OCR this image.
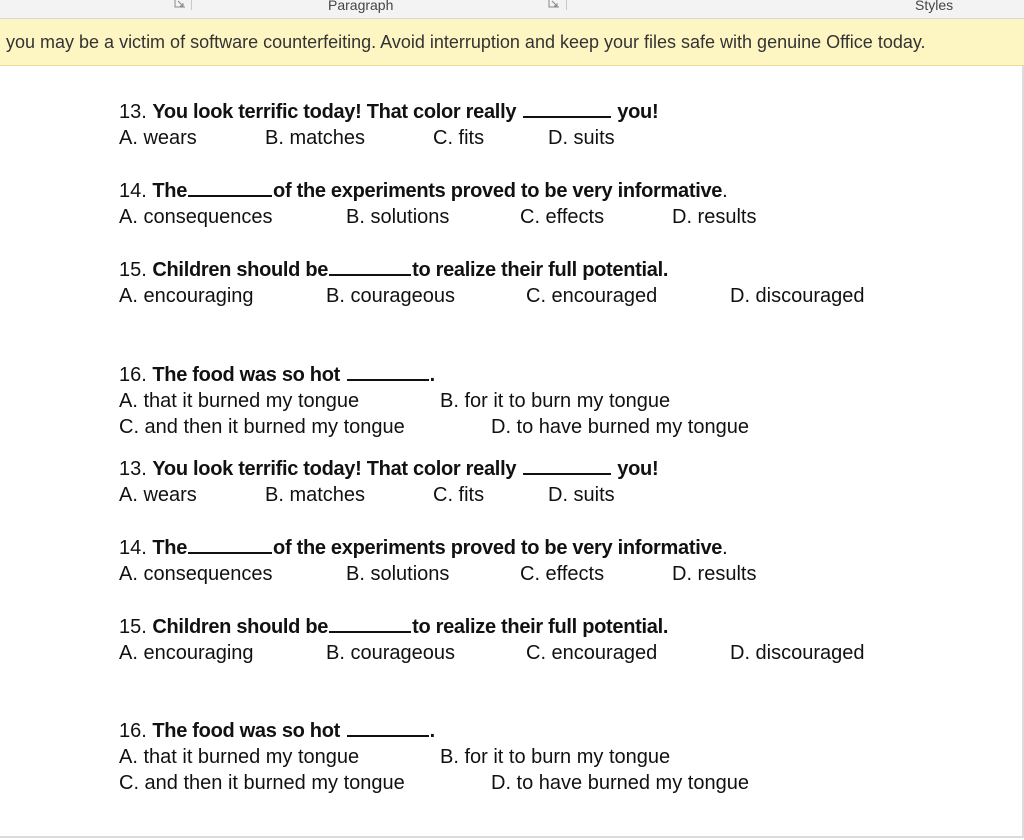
Paragraph	Styles
you may be a victim of software counterfeiting. Avoid interruption and keep your files safe with genuine Office today.
13. You look terrific today! That color really	you!
A. wears	B. matches	C. fits	D. suits
14. The	of the experiments proved to be very informative.
A. consequences	B. solutions	C. effects	D. results
15. Children should be	to realize their full potential.
A. encouraging	B. courageous	C. encouraged	D. discouraged
16. The food was so hot	.
A. that it burned my tongue	B. for it to burn my tongue
C. and then it burned my tongue	D. to have burned my tongue
13. You look terrific today! That color really	you!
A. wears	B. matches	C. fits	D. suits
14. The	of the experiments proved to be very informative.
A. consequences	B. solutions	C. effects	D. results
15. Children should be	to realize their full potential.
A. encouraging	B. courageous	C. encouraged	D. discouraged
16. The food was so hot	.
A. that it burned my tongue	B. for it to burn my tongue
C. and then it burned my tongue	D. to have burned my tongue
